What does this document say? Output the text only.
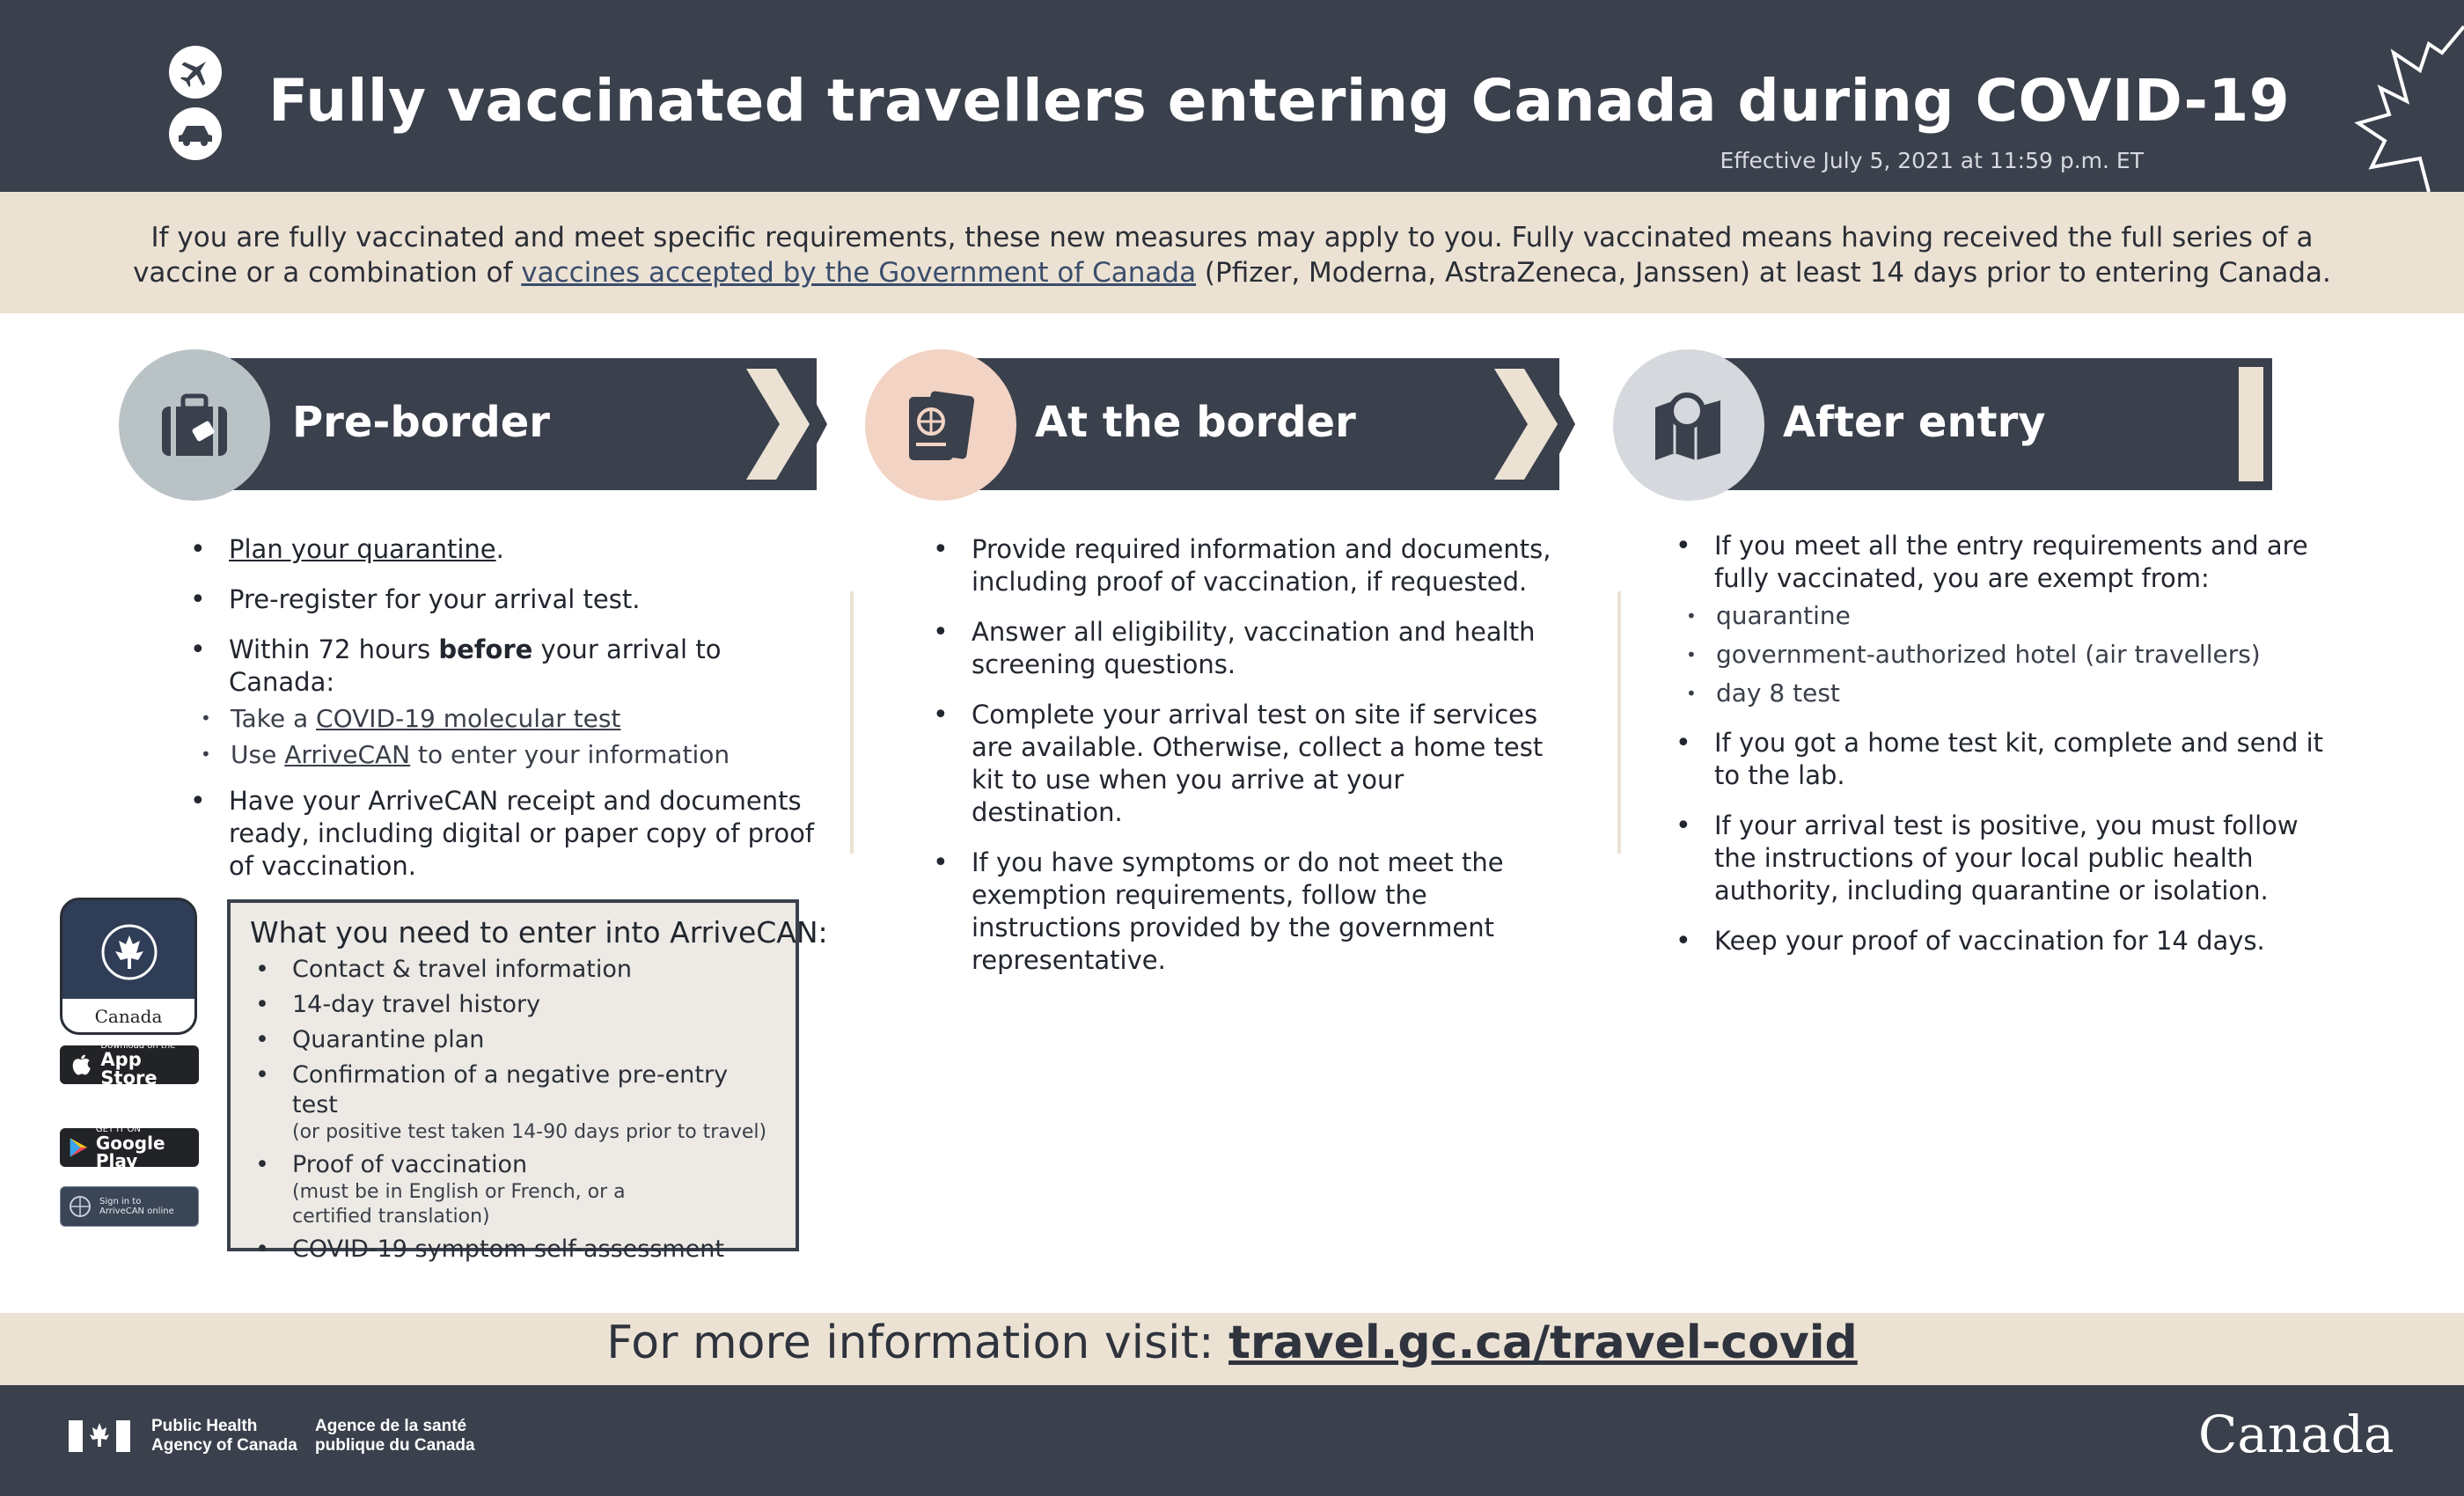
Fully vaccinated travellers entering Canada during COVID-19
Effective July 5, 2021 at 11:59 p.m. ET
If you are fully vaccinated and meet specific requirements, these new measures may apply to you. Fully vaccinated means having received the full series of a vaccine or a combination of vaccines accepted by the Government of Canada (Pfizer, Moderna, AstraZeneca, Janssen) at least 14 days prior to entering Canada.
Pre-border	At the border	After entry
• Plan your quarantine.
• Pre-register for your arrival test.
• Within 72 hours before your arrival to Canada:
• Take a COVID-19 molecular test
• Use ArriveCAN to enter your information
• Have your ArriveCAN receipt and documents ready, including digital or paper copy of proof of vaccination.
• Provide required information and documents, including proof of vaccination, if requested.
• Answer all eligibility, vaccination and health screening questions.
• Complete your arrival test on site if services are available. Otherwise, collect a home test kit to use when you arrive at your destination.
• If you have symptoms or do not meet the exemption requirements, follow the instructions provided by the government representative.
• If you meet all the entry requirements and are fully vaccinated, you are exempt from:
• quarantine
• government-authorized hotel (air travellers)
• day 8 test
• If you got a home test kit, complete and send it to the lab.
• If your arrival test is positive, you must follow the instructions of your local public health authority, including quarantine or isolation.
• Keep your proof of vaccination for 14 days.
Canada
Download on the
App Store
GET IT ON
Google Play
Sign in to
ArriveCAN online
What you need to enter into ArriveCAN:
• Contact & travel information
• 14-day travel history
• Quarantine plan
• Confirmation of a negative pre-entry test
(or positive test taken 14-90 days prior to travel)
• Proof of vaccination
(must be in English or French, or a certified translation)
• COVID-19 symptom self-assessment
For more information visit: travel.gc.ca/travel-covid
Public Health
Agency of Canada
Agence de la santé
publique du Canada	Canada
